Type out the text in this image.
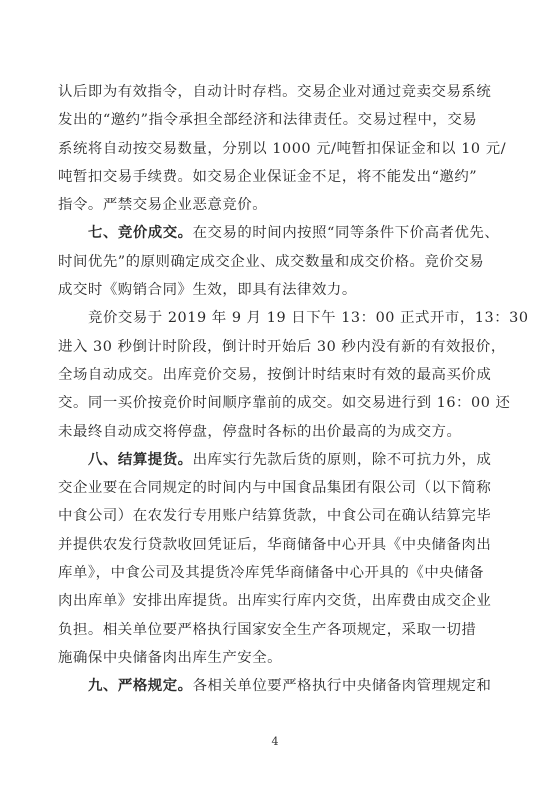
认后即为有效指令，自动计时存档。交易企业对通过竞卖交易系统
发出的“邀约”指令承担全部经济和法律责任。交易过程中，交易
系统将自动按交易数量，分别以 1000 元/吨暂扣保证金和以 10 元/
吨暂扣交易手续费。如交易企业保证金不足，将不能发出“邀约”
指令。严禁交易企业恶意竞价。
七、竞价成交。在交易的时间内按照“同等条件下价高者优先、
时间优先”的原则确定成交企业、成交数量和成交价格。竞价交易
成交时《购销合同》生效，即具有法律效力。
竞价交易于 2019 年 9 月 19 日下午 13：00 正式开市，13：30
进入 30 秒倒计时阶段，倒计时开始后 30 秒内没有新的有效报价，
全场自动成交。出库竞价交易，按倒计时结束时有效的最高买价成
交。同一买价按竞价时间顺序靠前的成交。如交易进行到 16：00 还
未最终自动成交将停盘，停盘时各标的出价最高的为成交方。
八、结算提货。出库实行先款后货的原则，除不可抗力外，成
交企业要在合同规定的时间内与中国食品集团有限公司（以下简称
中食公司）在农发行专用账户结算货款，中食公司在确认结算完毕
并提供农发行贷款收回凭证后，华商储备中心开具《中央储备肉出
库单》，中食公司及其提货冷库凭华商储备中心开具的《中央储备
肉出库单》安排出库提货。出库实行库内交货，出库费由成交企业
负担。相关单位要严格执行国家安全生产各项规定，采取一切措
施确保中央储备肉出库生产安全。
九、严格规定。各相关单位要严格执行中央储备肉管理规定和
4
